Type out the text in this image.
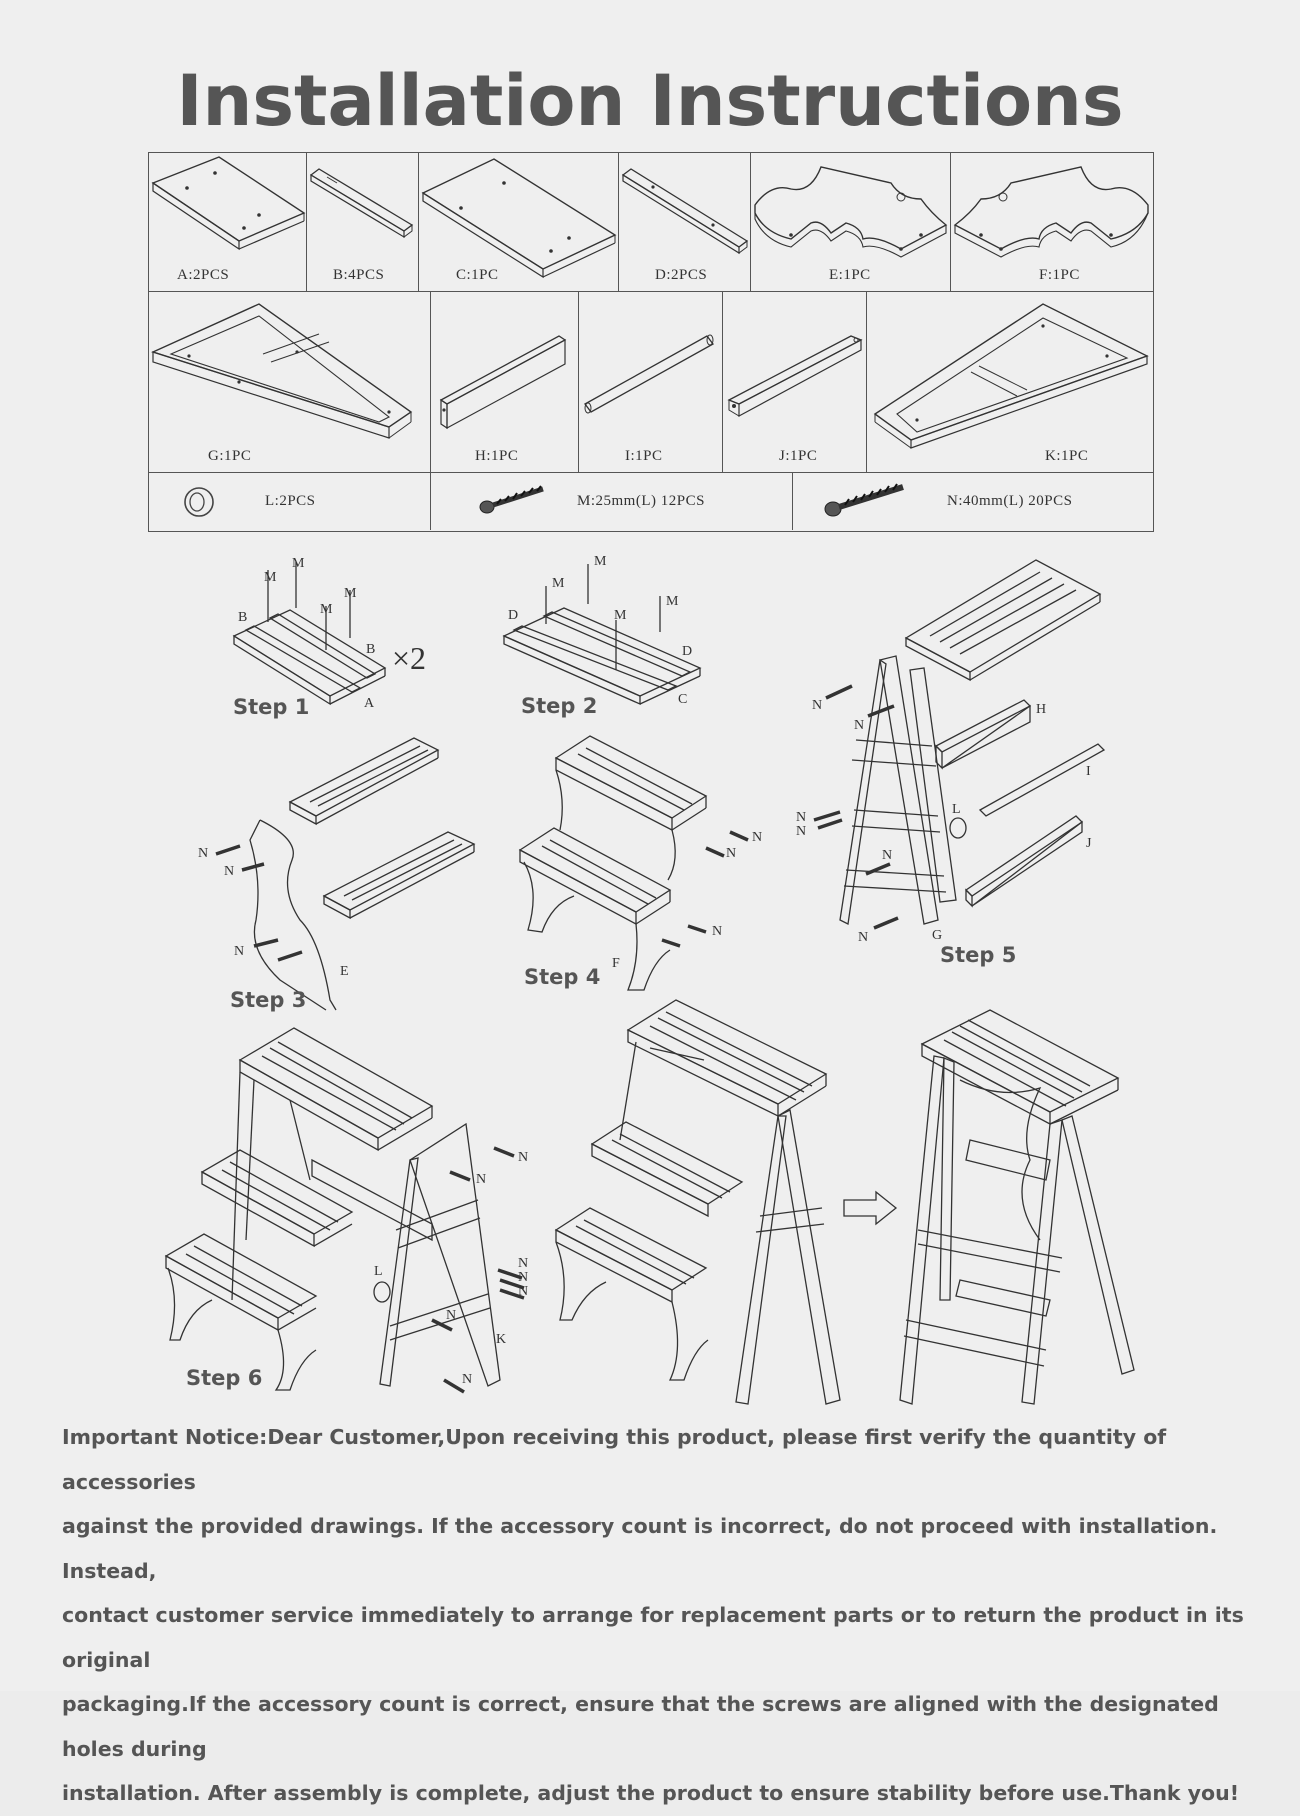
Installation Instructions
A:2PCS	B:4PCS	C:1PC	D:2PCS	E:1PC	F:1PC
G:1PC	H:1PC	I:1PC	J:1PC	K:1PC
L:2PCS	M:25mm(L) 12PCS	N:40mm(L) 20PCS
M
M
M
M
B
B
A
M
M
M
M
D
D
C	N
N
H
I
L
N
N
J
N
N	G
N
N
N
E
N
N
N
F
N
N
N
N
N
L
N
K
N
×2
Step 1	Step 2
Step 3
Step 4
Step 5
Step 6
Important Notice:Dear Customer,Upon receiving this product, please first verify the quantity of accessories
against the provided drawings. If the accessory count is incorrect, do not proceed with installation. Instead,
contact customer service immediately to arrange for replacement parts or to return the product in its original
packaging.If the accessory count is correct, ensure that the screws are aligned with the designated holes during
installation. After assembly is complete, adjust the product to ensure stability before use.Thank you!
